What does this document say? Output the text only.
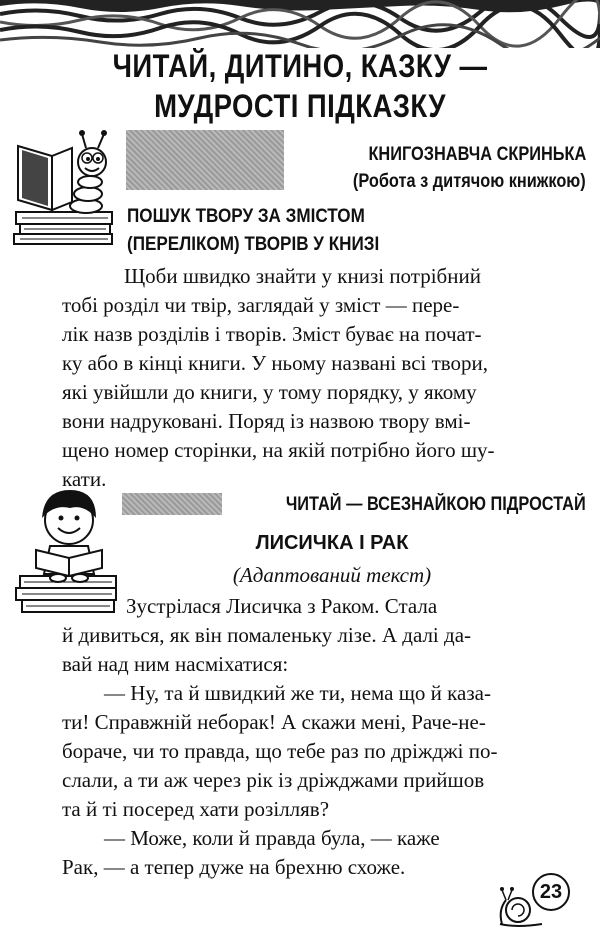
ЧИТАЙ, ДИТИНО, КАЗКУ —
МУДРОСТІ ПІДКАЗКУ
КНИГОЗНАВЧА СКРИНЬКА
(Робота з дитячою книжкою)
ПОШУК ТВОРУ ЗА ЗМІСТОМ
(ПЕРЕЛІКОМ) ТВОРІВ У КНИЗІ
Щоби швидко знайти у книзі потрібний
тобі розділ чи твір, заглядай у зміст — пере-
лік назв розділів і творів. Зміст буває на почат-
ку або в кінці книги. У ньому названі всі твори,
які увійшли до книги, у тому порядку, у якому
вони надруковані. Поряд із назвою твору вмі-
щено номер сторінки, на якій потрібно його шу-
кати.
ЧИТАЙ — ВСЕЗНАЙКОЮ ПІДРОСТАЙ
ЛИСИЧКА І РАК
(Адаптований текст)
Зустрілася Лисичка з Раком. Стала
й дивиться, як він помаленьку лізе. А далі да-
вай над ним насміхатися:
— Ну, та й швидкий же ти, нема що й каза-
ти! Справжній неборак! А скажи мені, Раче-не-
бораче, чи то правда, що тебе раз по дріжджі по-
слали, а ти аж через рік із дріжджами прийшов
та й ті посеред хати розілляв?
— Може, коли й правда була, — каже
Рак, — а тепер дуже на брехню схоже.
23
